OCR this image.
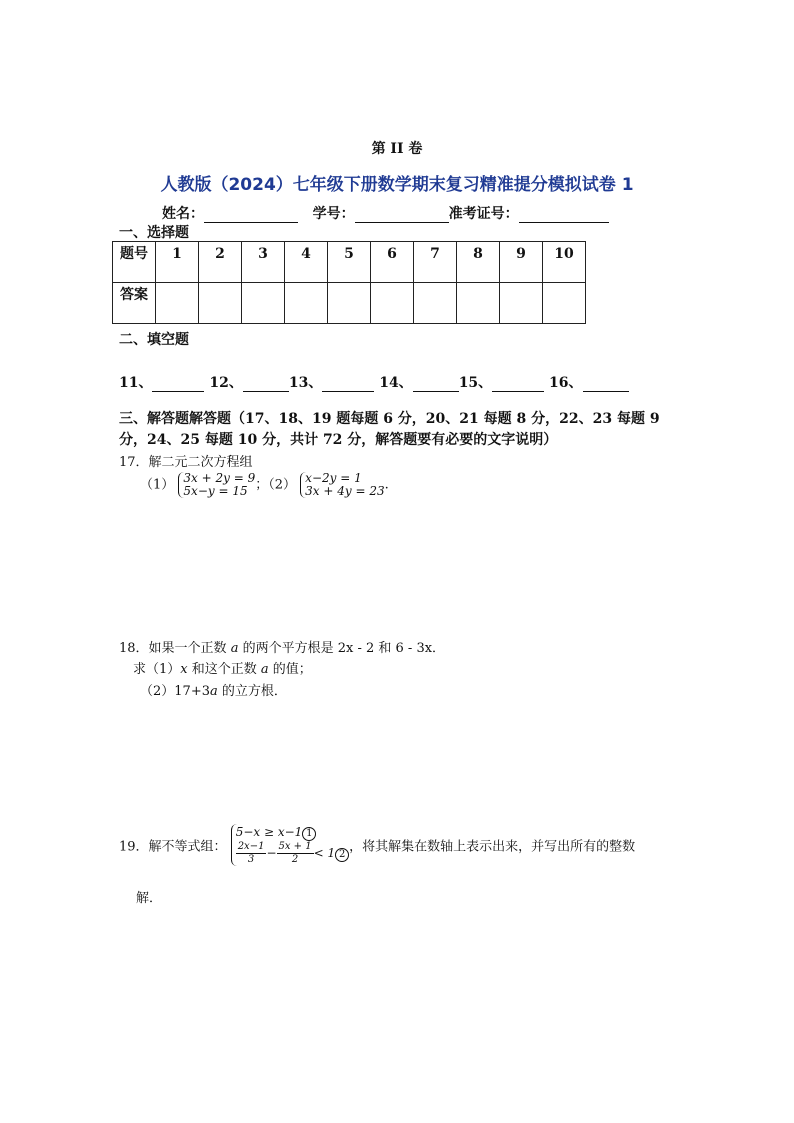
第 II 卷
人教版（2024）七年级下册数学期末复习精准提分模拟试卷 1
姓名：	学号：	准考证号：
一、选择题
题号	1	2	3	4	5	6	7	8	9	10
答案										
二、填空题
11、	12、	13、	14、	15、	16、
三、解答题解答题（17、18、19 题每题 6 分，20、21 每题 8 分，22、23 每题 9
分，24、25 每题 10 分，共计 72 分，解答题要有必要的文字说明）
17．解二元二次方程组
（1） 3x + 2y = 9
5x−y = 15 ；（2） x−2y = 1
3x + 4y = 23.
18．如果一个正数 a 的两个平方根是 2x - 2 和 6 - 3x．
求（1）x 和这个正数 a 的值；
（2）17+3a 的立方根．
19．解不等式组： 5−x ≥ x−1 1

$\frac{2x-1}{3}- \frac{5x + 1}{2}< 1$ 2 ，将其解集在数轴上表示出来，并写出所有的整数
解．
